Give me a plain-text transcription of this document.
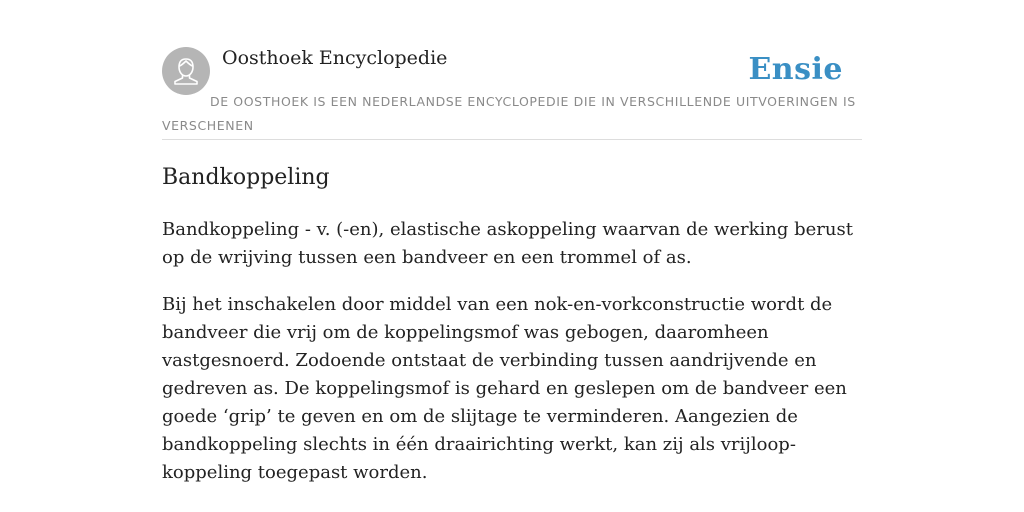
Oosthoek Encyclopedie	Ensie

DE OOSTHOEK IS EEN NEDERLANDSE ENCYCLOPEDIE DIE IN VERSCHILLENDE UITVOERINGEN IS VERSCHENEN

Bandkoppeling

Bandkoppeling - v. (-en), elastische askoppeling waarvan de werking berust op de wrijving tussen een bandveer en een trommel of as.

Bij het inschakelen door middel van een nok-en-vorkconstructie wordt de bandveer die vrij om de koppelingsmof was gebogen, daaromheen vastgesnoerd. Zodoende ontstaat de verbinding tussen aandrijvende en gedreven as. De koppelingsmof is gehard en geslepen om de bandveer een goede ‘grip’ te geven en om de slijtage te verminderen. Aangezien de bandkoppeling slechts in één draairichting werkt, kan zij als vrijloop-koppeling toegepast worden.
